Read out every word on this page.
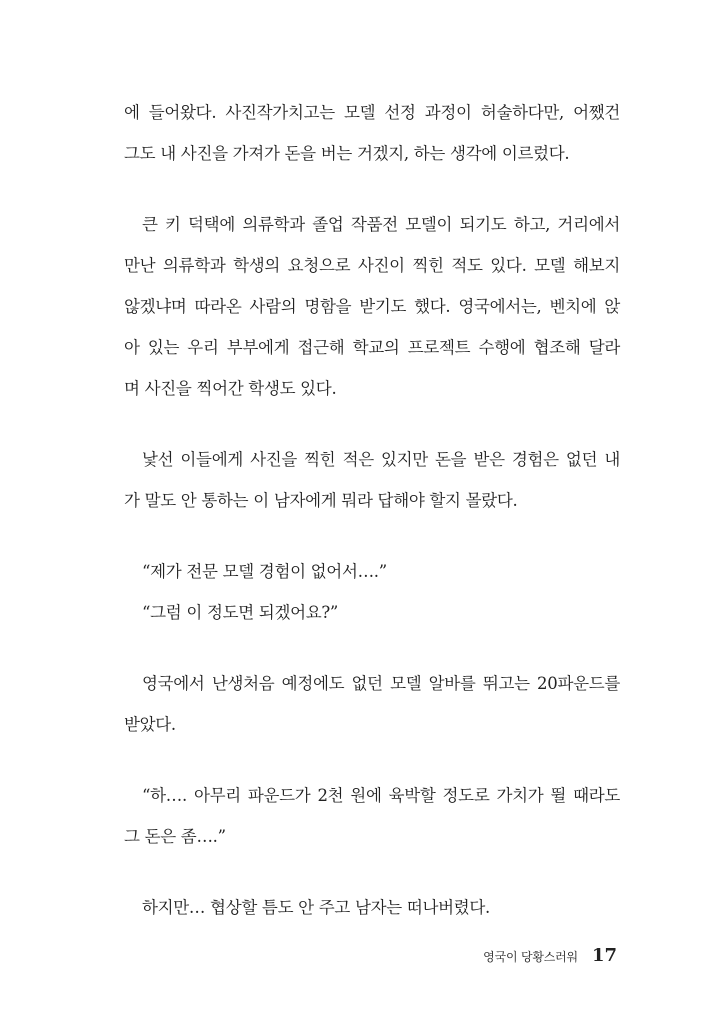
에 들어왔다. 사진작가치고는 모델 선정 과정이 허술하다만, 어쨌건
그도 내 사진을 가져가 돈을 버는 거겠지, 하는 생각에 이르렀다.
큰 키 덕택에 의류학과 졸업 작품전 모델이 되기도 하고, 거리에서
만난 의류학과 학생의 요청으로 사진이 찍힌 적도 있다. 모델 해보지
않겠냐며 따라온 사람의 명함을 받기도 했다. 영국에서는, 벤치에 앉
아 있는 우리 부부에게 접근해 학교의 프로젝트 수행에 협조해 달라
며 사진을 찍어간 학생도 있다.
낯선 이들에게 사진을 찍힌 적은 있지만 돈을 받은 경험은 없던 내
가 말도 안 통하는 이 남자에게 뭐라 답해야 할지 몰랐다.
“제가 전문 모델 경험이 없어서….”
“그럼 이 정도면 되겠어요?”
영국에서 난생처음 예정에도 없던 모델 알바를 뛰고는 20파운드를
받았다.
“하…. 아무리 파운드가 2천 원에 육박할 정도로 가치가 뛸 때라도
그 돈은 좀….”
하지만… 협상할 틈도 안 주고 남자는 떠나버렸다.
영국이 당황스러워 17
